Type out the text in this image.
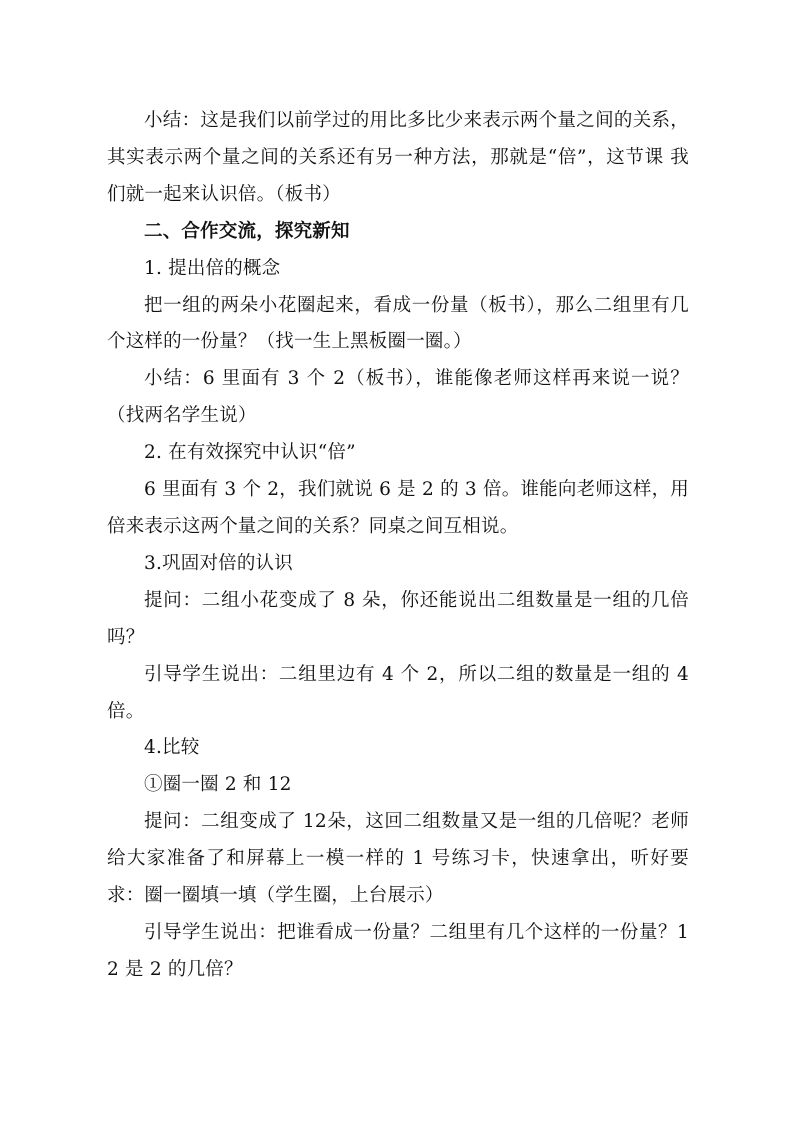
小结：这是我们以前学过的用比多比少来表示两个量之间的关系，其实表示两个量之间的关系还有另一种方法，那就是“倍”，这节课 我们就一起来认识倍。（板书）

二、合作交流，探究新知

1. 提出倍的概念

把一组的两朵小花圈起来，看成一份量（板书），那么二组里有几个这样的一份量？（找一生上黑板圈一圈。）

小结：6 里面有 3 个 2（板书），谁能像老师这样再来说一说？（找两名学生说）

2. 在有效探究中认识“倍”

6 里面有 3 个 2，我们就说 6 是 2 的 3 倍。谁能向老师这样，用倍来表示这两个量之间的关系？同桌之间互相说。

3.巩固对倍的认识

提问：二组小花变成了 8 朵，你还能说出二组数量是一组的几倍吗？

引导学生说出：二组里边有 4 个 2，所以二组的数量是一组的 4 倍。

4.比较

①圈一圈 2 和 12

提问：二组变成了 12朵，这回二组数量又是一组的几倍呢？老师给大家准备了和屏幕上一模一样的 1 号练习卡，快速拿出，听好要求：圈一圈填一填（学生圈，上台展示）

引导学生说出：把谁看成一份量？二组里有几个这样的一份量？12 是 2 的几倍？
